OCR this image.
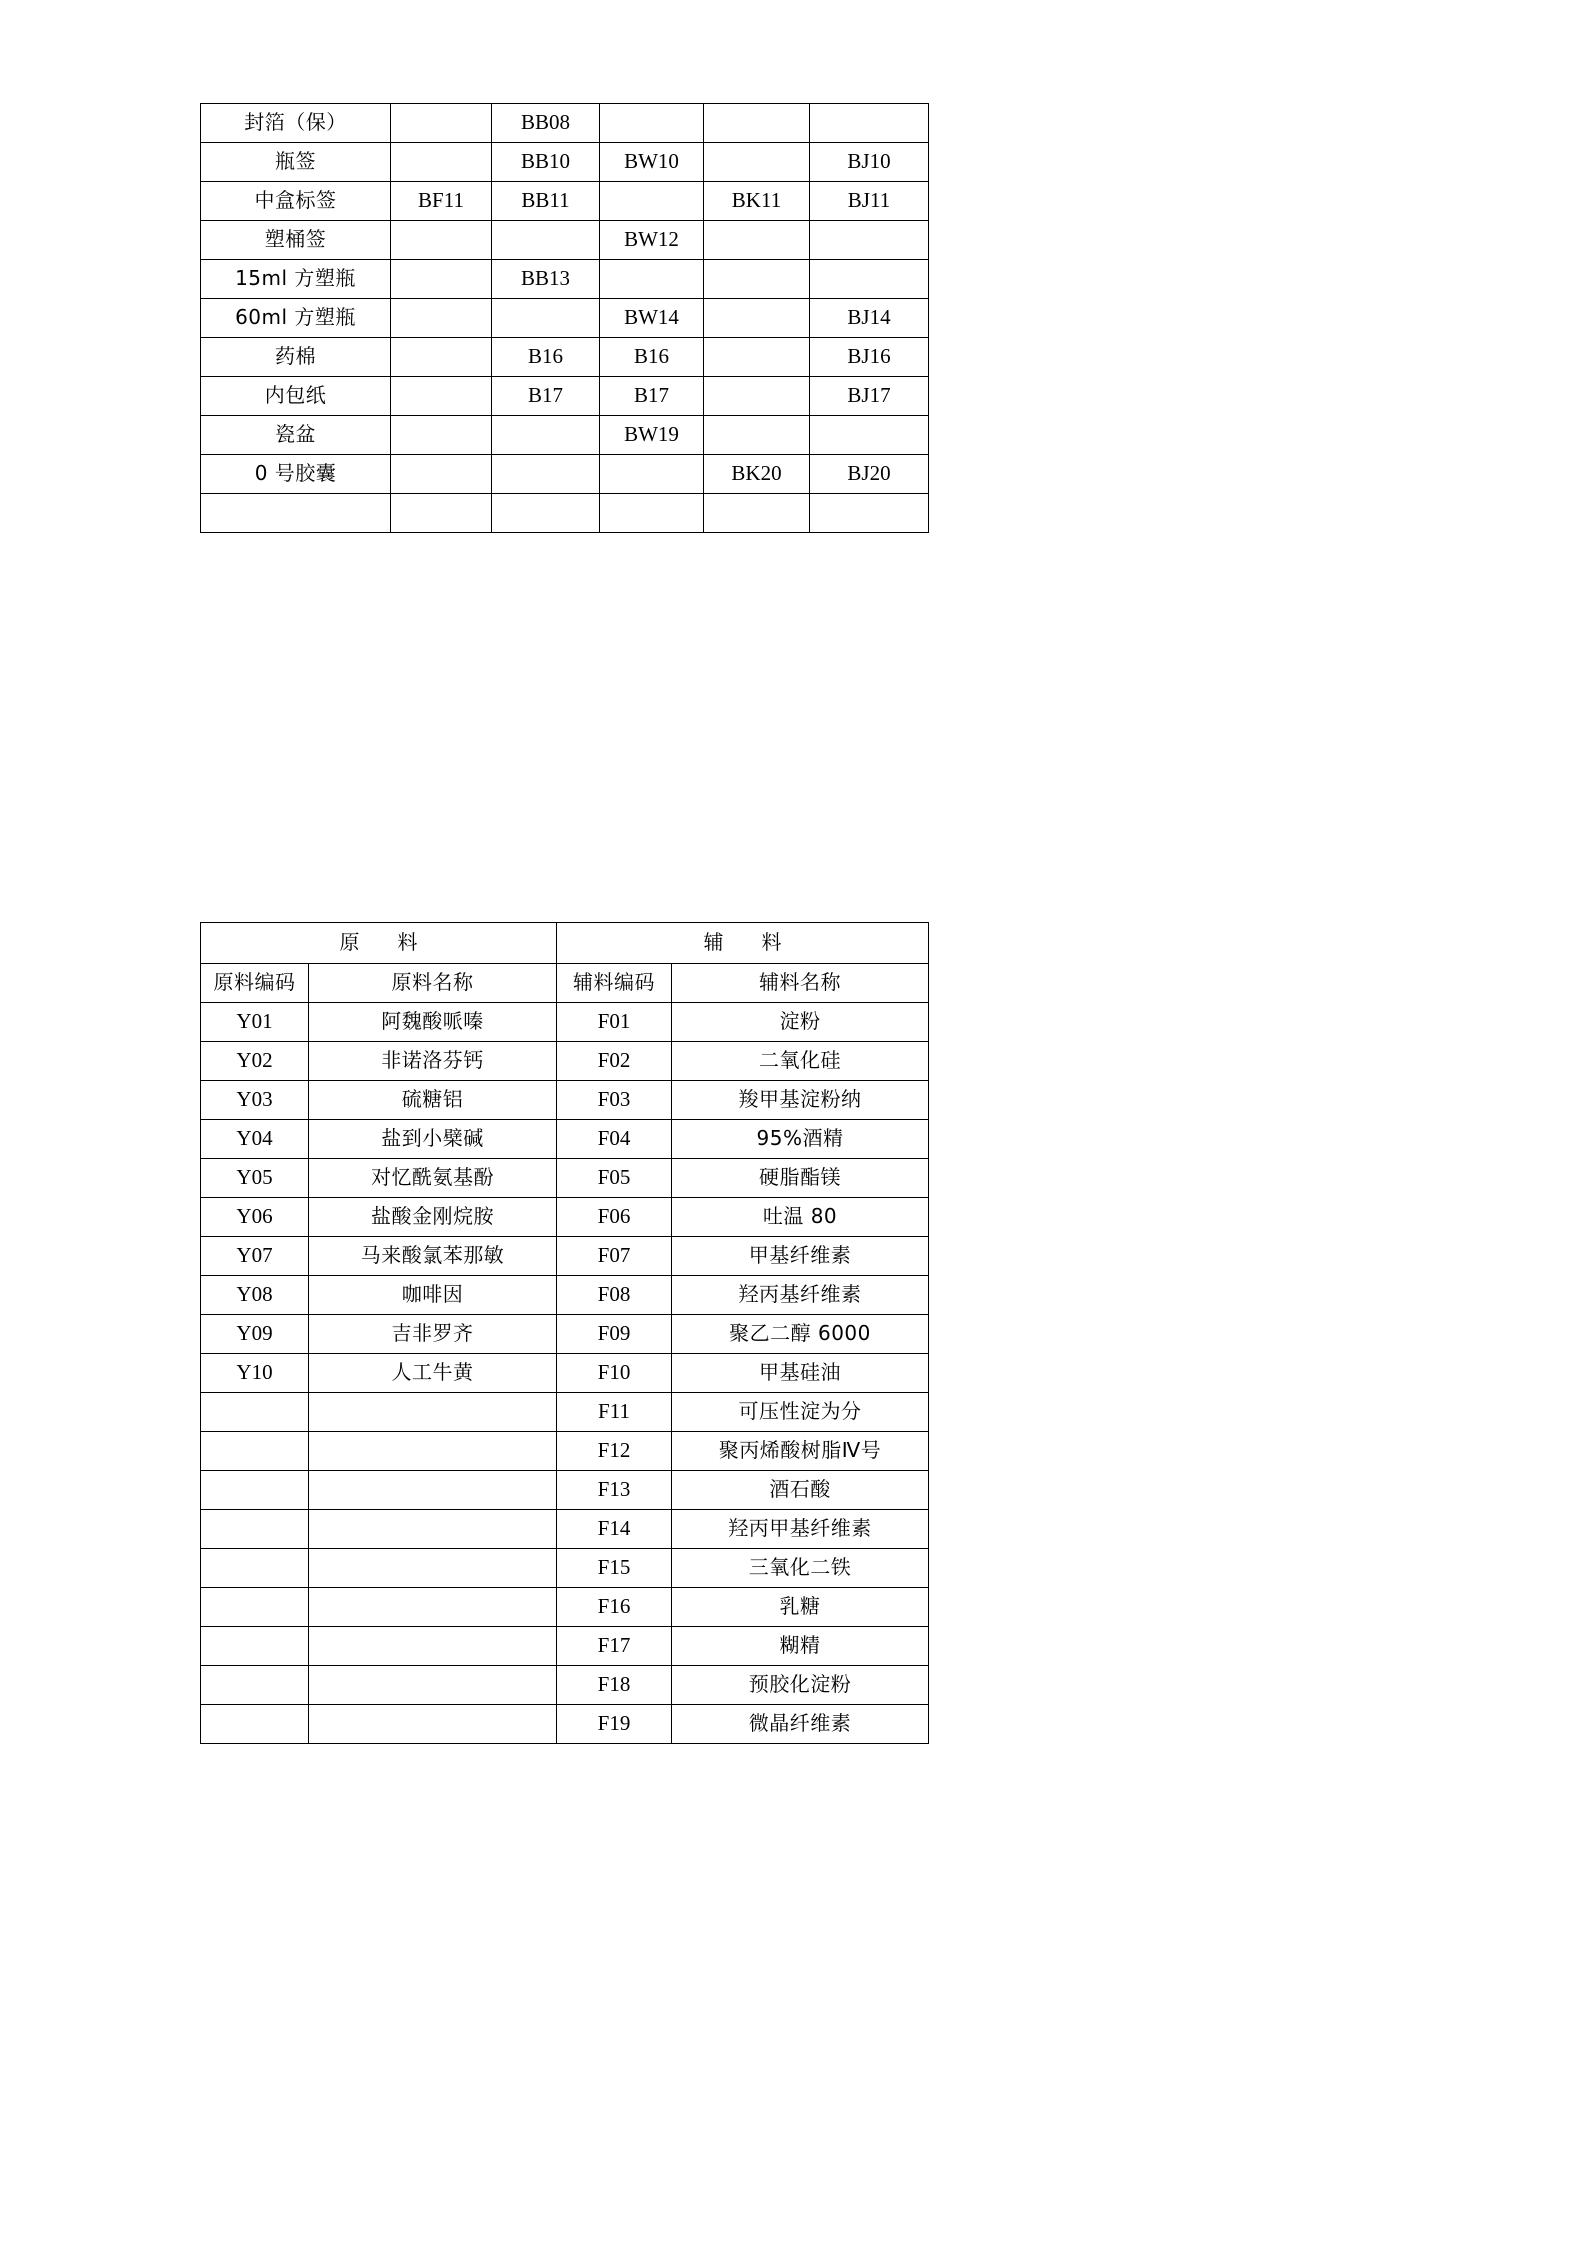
封箔（保）		BB08			
瓶签		BB10	BW10		BJ10
中盒标签	BF11	BB11		BK11	BJ11
塑桶签			BW12		
15ml 方塑瓶		BB13			
60ml 方塑瓶			BW14		BJ14
药棉		B16	B16		BJ16
内包纸		B17	B17		BJ17
瓷盆			BW19		
0 号胶囊				BK20	BJ20

原　料		辅　料	
原料编码	原料名称	辅料编码	辅料名称
Y01	阿魏酸哌嗪	F01	淀粉
Y02	非诺洛芬钙	F02	二氧化硅
Y03	硫糖铝	F03	羧甲基淀粉纳
Y04	盐到小檗碱	F04	95%酒精
Y05	对忆酰氨基酚	F05	硬脂酯镁
Y06	盐酸金刚烷胺	F06	吐温 80
Y07	马来酸氯苯那敏	F07	甲基纤维素
Y08	咖啡因	F08	羟丙基纤维素
Y09	吉非罗齐	F09	聚乙二醇 6000
Y10	人工牛黄	F10	甲基硅油
		F11	可压性淀为分
		F12	聚丙烯酸树脂Ⅳ号
		F13	酒石酸
		F14	羟丙甲基纤维素
		F15	三氧化二铁
		F16	乳糖
		F17	糊精
		F18	预胶化淀粉
		F19	微晶纤维素
